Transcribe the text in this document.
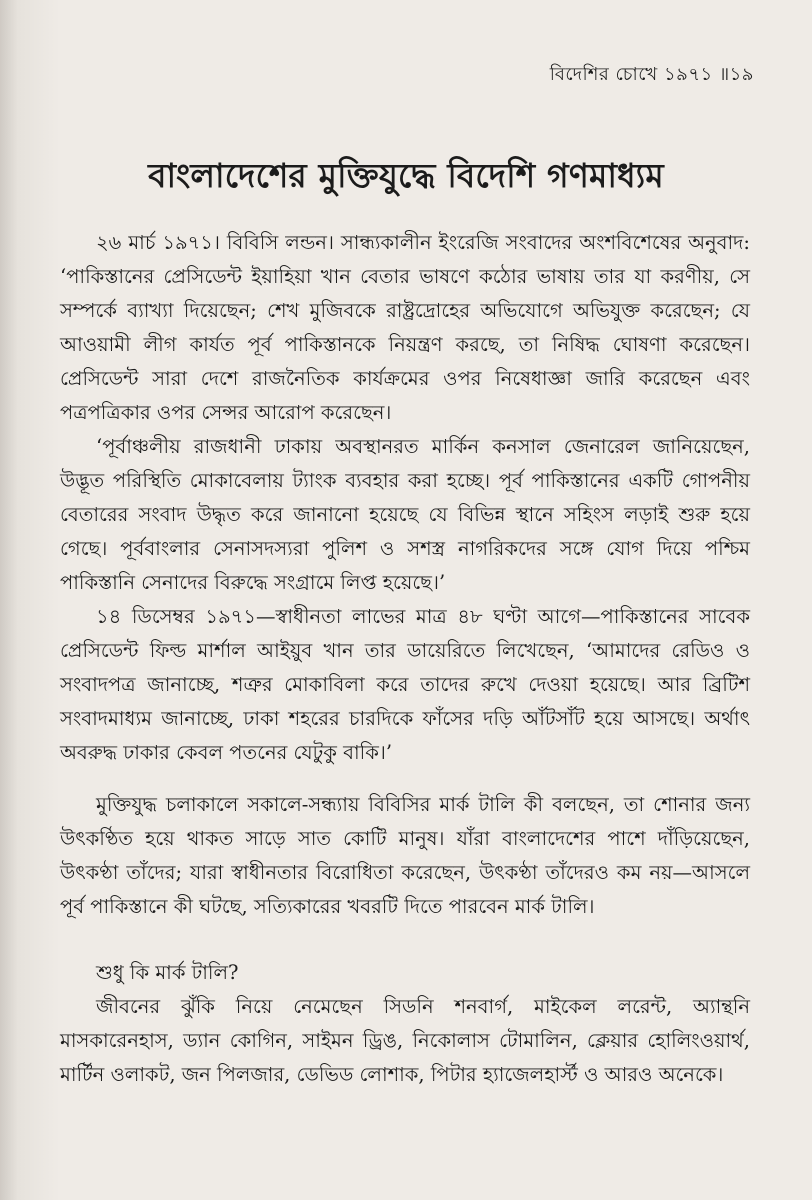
বিদেশির চোখে ১৯৭১ ॥১৯
বাংলাদেশের মুক্তিযুদ্ধে বিদেশি গণমাধ্যম

২৬ মার্চ ১৯৭১। বিবিসি লন্ডন। সান্ধ্যকালীন ইংরেজি সংবাদের অংশবিশেষের অনুবাদ: ‘পাকিস্তানের প্রেসিডেন্ট ইয়াহিয়া খান বেতার ভাষণে কঠোর ভাষায় তার যা করণীয়, সে সম্পর্কে ব্যাখ্যা দিয়েছেন; শেখ মুজিবকে রাষ্ট্রদ্রোহের অভিযোগে অভিযুক্ত করেছেন; যে আওয়ামী লীগ কার্যত পূর্ব পাকিস্তানকে নিয়ন্ত্রণ করছে, তা নিষিদ্ধ ঘোষণা করেছেন। প্রেসিডেন্ট সারা দেশে রাজনৈতিক কার্যক্রমের ওপর নিষেধাজ্ঞা জারি করেছেন এবং পত্রপত্রিকার ওপর সেন্সর আরোপ করেছেন।

‘পূর্বাঞ্চলীয় রাজধানী ঢাকায় অবস্থানরত মার্কিন কনসাল জেনারেল জানিয়েছেন, উদ্ভূত পরিস্থিতি মোকাবেলায় ট্যাংক ব্যবহার করা হচ্ছে। পূর্ব পাকিস্তানের একটি গোপনীয় বেতারের সংবাদ উদ্ধৃত করে জানানো হয়েছে যে বিভিন্ন স্থানে সহিংস লড়াই শুরু হয়ে গেছে। পূর্ববাংলার সেনাসদস্যরা পুলিশ ও সশস্ত্র নাগরিকদের সঙ্গে যোগ দিয়ে পশ্চিম পাকিস্তানি সেনাদের বিরুদ্ধে সংগ্রামে লিপ্ত হয়েছে।’

১৪ ডিসেম্বর ১৯৭১—স্বাধীনতা লাভের মাত্র ৪৮ ঘণ্টা আগে—পাকিস্তানের সাবেক প্রেসিডেন্ট ফিল্ড মার্শাল আইয়ুব খান তার ডায়েরিতে লিখেছেন, ‘আমাদের রেডিও ও সংবাদপত্র জানাচ্ছে, শত্রুর মোকাবিলা করে তাদের রুখে দেওয়া হয়েছে। আর ব্রিটিশ সংবাদমাধ্যম জানাচ্ছে, ঢাকা শহরের চারদিকে ফাঁসের দড়ি আঁটসাঁট হয়ে আসছে। অর্থাৎ অবরুদ্ধ ঢাকার কেবল পতনের যেটুকু বাকি।’

মুক্তিযুদ্ধ চলাকালে সকালে-সন্ধ্যায় বিবিসির মার্ক টালি কী বলছেন, তা শোনার জন্য উৎকণ্ঠিত হয়ে থাকত সাড়ে সাত কোটি মানুষ। যাঁরা বাংলাদেশের পাশে দাঁড়িয়েছেন, উৎকণ্ঠা তাঁদের; যারা স্বাধীনতার বিরোধিতা করেছেন, উৎকণ্ঠা তাঁদেরও কম নয়—আসলে পূর্ব পাকিস্তানে কী ঘটছে, সত্যিকারের খবরটি দিতে পারবেন মার্ক টালি।

শুধু কি মার্ক টালি?

জীবনের ঝুঁকি নিয়ে নেমেছেন সিডনি শনবার্গ, মাইকেল লরেন্ট, অ্যান্থনি মাসকারেনহাস, ড্যান কোগিন, সাইমন ড্রিঙ, নিকোলাস টোমালিন, ক্লেয়ার হোলিংওয়ার্থ, মার্টিন ওলাকট, জন পিলজার, ডেভিড লোশাক, পিটার হ্যাজেলহার্স্ট ও আরও অনেকে।
